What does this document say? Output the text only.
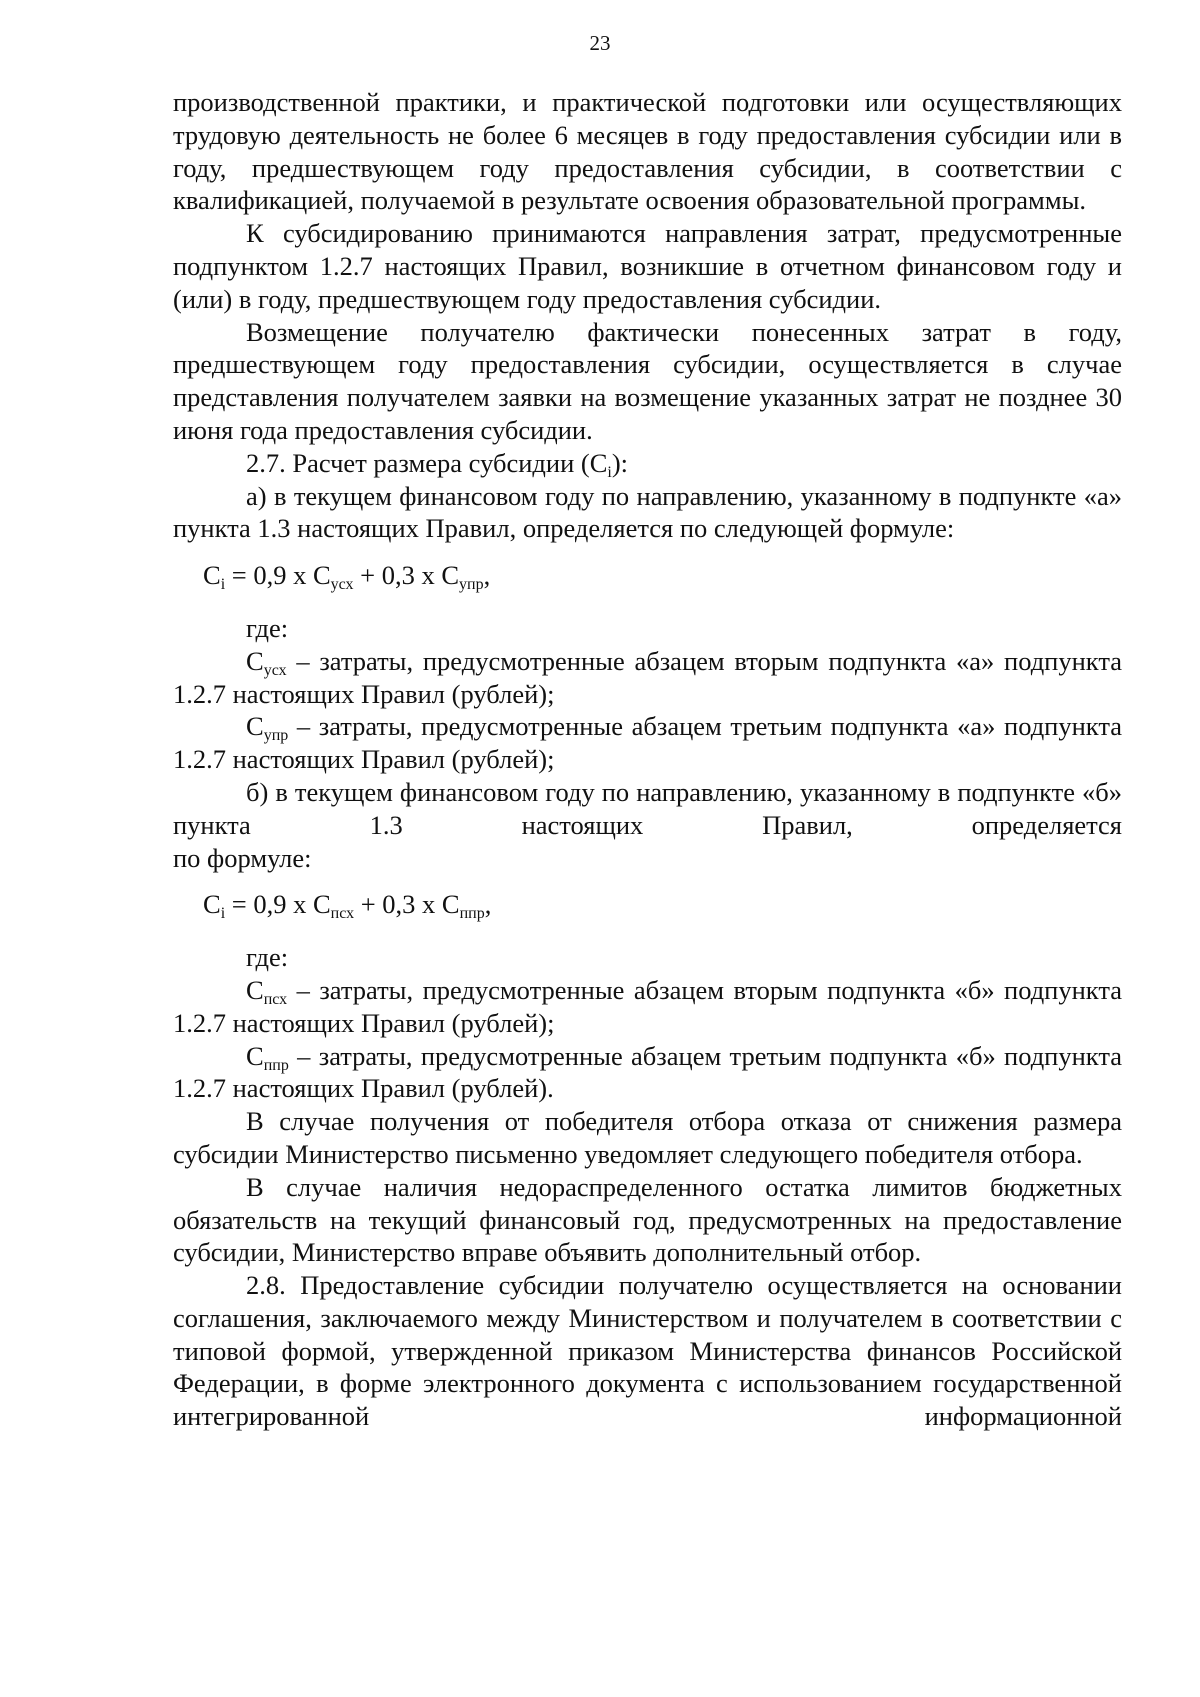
23

производственной практики, и практической подготовки или осуществляющих трудовую деятельность не более 6 месяцев в году предоставления субсидии или в году, предшествующем году предоставления субсидии, в соответствии с квалификацией, получаемой в результате освоения образовательной программы.

К субсидированию принимаются направления затрат, предусмотренные подпунктом 1.2.7 настоящих Правил, возникшие в отчетном финансовом году и (или) в году, предшествующем году предоставления субсидии.

Возмещение получателю фактически понесенных затрат в году, предшествующем году предоставления субсидии, осуществляется в случае представления получателем заявки на возмещение указанных затрат не позднее 30 июня года предоставления субсидии.

2.7. Расчет размера субсидии $(С_i)$:

а) в текущем финансовом году по направлению, указанному в подпункте «а» пункта 1.3 настоящих Правил, определяется по следующей формуле:

$С_i = 0,9$ х $С_{усх} + 0,3$ х $С_{упр}$,

где:

$С_{усх}$ – затраты, предусмотренные абзацем вторым подпункта «а» подпункта 1.2.7 настоящих Правил (рублей);

$С_{упр}$ – затраты, предусмотренные абзацем третьим подпункта «а» подпункта 1.2.7 настоящих Правил (рублей);

б) в текущем финансовом году по направлению, указанному в подпункте «б» пункта 1.3 настоящих Правил, определяется

по формуле:

$С_i = 0,9$ х $С_{псх} + 0,3$ х $С_{ппр}$,

где:

$С_{псх}$ – затраты, предусмотренные абзацем вторым подпункта «б» подпункта 1.2.7 настоящих Правил (рублей);

$С_{ппр}$ – затраты, предусмотренные абзацем третьим подпункта «б» подпункта 1.2.7 настоящих Правил (рублей).

В случае получения от победителя отбора отказа от снижения размера субсидии Министерство письменно уведомляет следующего победителя отбора.

В случае наличия недораспределенного остатка лимитов бюджетных обязательств на текущий финансовый год, предусмотренных на предоставление субсидии, Министерство вправе объявить дополнительный отбор.

2.8. Предоставление субсидии получателю осуществляется на основании соглашения, заключаемого между Министерством и получателем в соответствии с типовой формой, утвержденной приказом Министерства финансов Российской Федерации, в форме электронного документа с использованием государственной интегрированной информационной
